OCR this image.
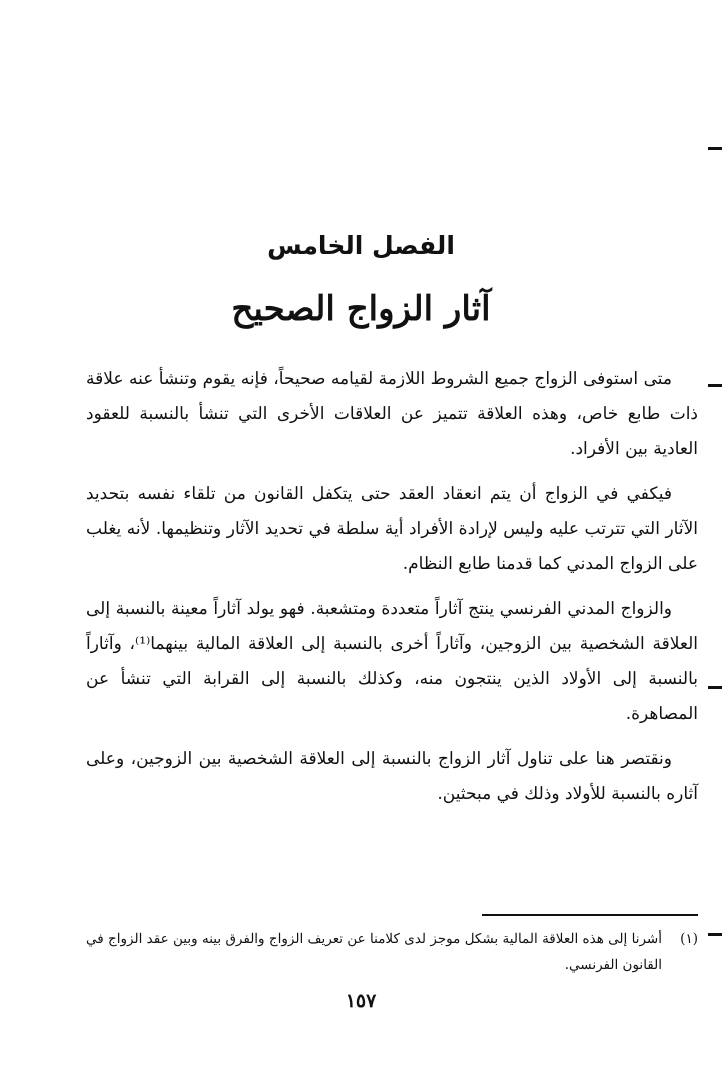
الفصل الخامس
آثار الزواج الصحيح

متى استوفى الزواج جميع الشروط اللازمة لقيامه صحيحاً، فإنه يقوم وتنشأ عنه علاقة ذات طابع خاص، وهذه العلاقة تتميز عن العلاقات الأخرى التي تنشأ بالنسبة للعقود العادية بين الأفراد.

فيكفي في الزواج أن يتم انعقاد العقد حتى يتكفل القانون من تلقاء نفسه بتحديد الآثار التي تترتب عليه وليس لإرادة الأفراد أية سلطة في تحديد الآثار وتنظيمها. لأنه يغلب على الزواج المدني كما قدمنا طابع النظام.

والزواج المدني الفرنسي ينتج آثاراً متعددة ومتشعبة. فهو يولد آثاراً معينة بالنسبة إلى العلاقة الشخصية بين الزوجين، وآثاراً أخرى بالنسبة إلى العلاقة المالية بينهما⁽¹⁾، وآثاراً بالنسبة إلى الأولاد الذين ينتجون منه، وكذلك بالنسبة إلى القرابة التي تنشأ عن المصاهرة.

ونقتصر هنا على تناول آثار الزواج بالنسبة إلى العلاقة الشخصية بين الزوجين، وعلى آثاره بالنسبة للأولاد وذلك في مبحثين.

(١)
أشرنا إلى هذه العلاقة المالية بشكل موجز لدى كلامنا عن تعريف الزواج والفرق بينه وبين عقد الزواج في القانون الفرنسي.
١٥٧
